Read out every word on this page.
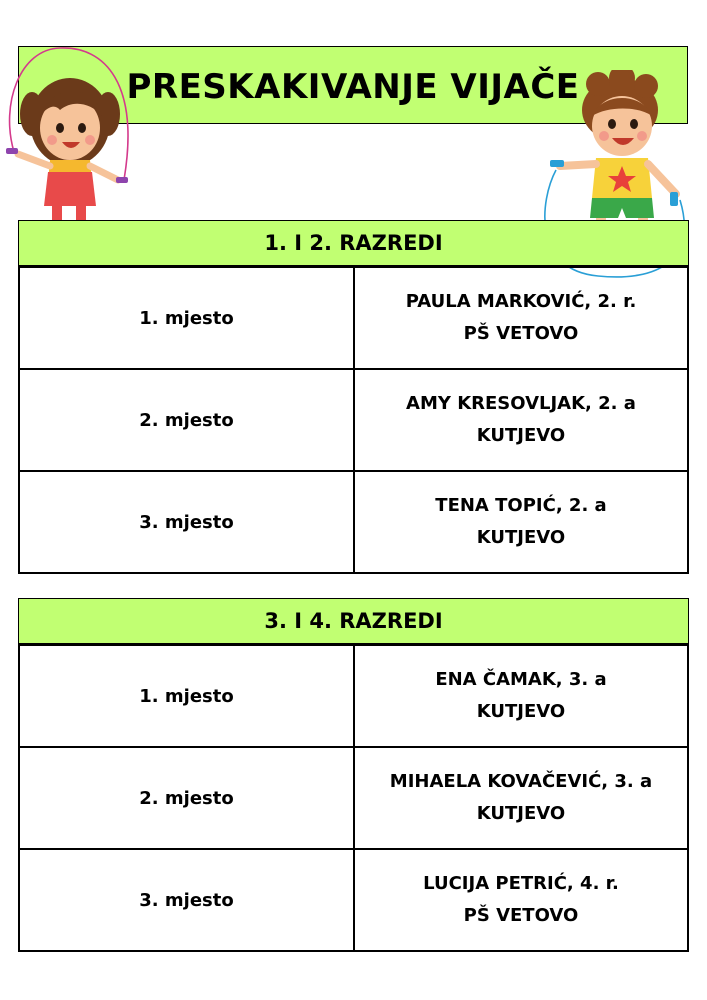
PRESKAKIVANJE VIJAČE
1. I 2. RAZREDI
1. mjesto	PAULA MARKOVIĆ, 2. r.
PŠ VETOVO

2. mjesto	AMY KRESOVLJAK, 2. a
KUTJEVO

3. mjesto	TENA TOPIĆ, 2. a
KUTJEVO
3. I 4. RAZREDI
1. mjesto	ENA ČAMAK, 3. a
KUTJEVO

2. mjesto	MIHAELA KOVAČEVIĆ, 3. a
KUTJEVO

3. mjesto	LUCIJA PETRIĆ, 4. r.
PŠ VETOVO
